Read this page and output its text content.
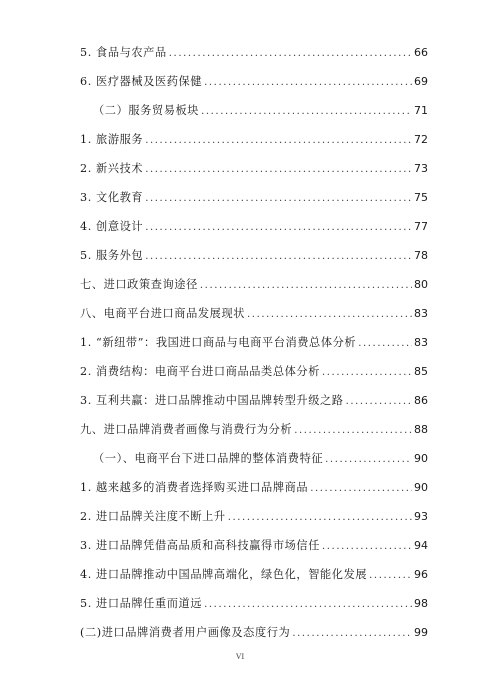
5. 食品与农产品 .....	66
6. 医疗器械及医药保健 .....	69
（二）服务贸易板块 .....	71
1. 旅游服务 .....	72
2. 新兴技术 .....	73
3. 文化教育 .....	75
4. 创意设计 .....	77
5. 服务外包 .....	78
七、进口政策查询途径 .....	80
八、电商平台进口商品发展现状 .....	83
1. “新纽带”：我国进口商品与电商平台消费总体分析 .....	83
2. 消费结构：电商平台进口商品品类总体分析 .....	85
3. 互利共赢：进口品牌推动中国品牌转型升级之路 .....	86
九、进口品牌消费者画像与消费行为分析 .....	88
（一）、电商平台下进口品牌的整体消费特征 .....	90
1. 越来越多的消费者选择购买进口品牌商品 .....	90
2. 进口品牌关注度不断上升 .....	93
3. 进口品牌凭借高品质和高科技赢得市场信任 .....	94
4. 进口品牌推动中国品牌高端化，绿色化，智能化发展 .....	96
5. 进口品牌任重而道远 .....	98
(二)进口品牌消费者用户画像及态度行为 .....	99
VI
